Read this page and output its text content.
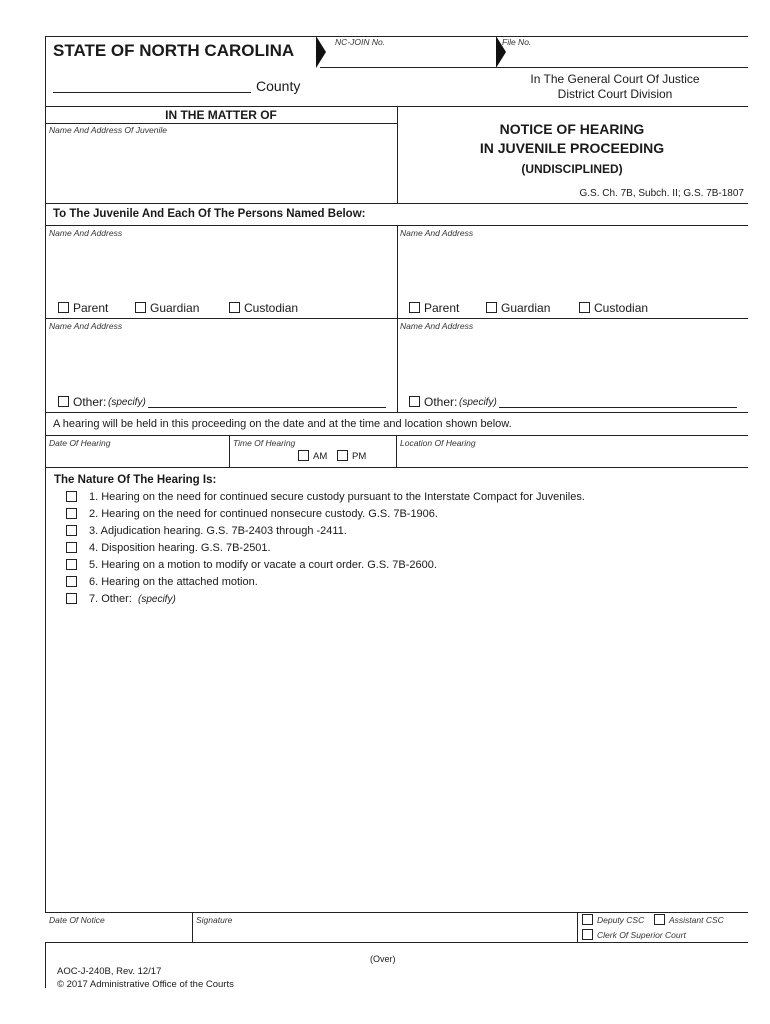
STATE OF NORTH CAROLINA	NC-JOIN No.	File No.
County	In The General Court Of Justice
District Court Division
IN THE MATTER OF
Name And Address Of Juvenile	NOTICE OF HEARING
IN JUVENILE PROCEEDING
(UNDISCIPLINED)
G.S. Ch. 7B, Subch. II; G.S. 7B-1807
To The Juvenile And Each Of The Persons Named Below:
Name And Address
Parent	Guardian	Custodian
Name And Address
Parent	Guardian	Custodian
Name And Address
Other: (specify)
Name And Address
Other: (specify)
A hearing will be held in this proceeding on the date and at the time and location shown below.
Date Of Hearing	Time Of Hearing
AM	PM
Location Of Hearing
The Nature Of The Hearing Is:
1. Hearing on the need for continued secure custody pursuant to the Interstate Compact for Juveniles.
2. Hearing on the need for continued nonsecure custody. G.S. 7B-1906.
3. Adjudication hearing. G.S. 7B-2403 through -2411.
4. Disposition hearing. G.S. 7B-2501.
5. Hearing on a motion to modify or vacate a court order. G.S. 7B-2600.
6. Hearing on the attached motion.
7. Other: (specify)
Date Of Notice	Signature	Deputy CSC	Assistant CSC
Clerk Of Superior Court
(Over)
AOC-J-240B, Rev. 12/17
© 2017 Administrative Office of the Courts
